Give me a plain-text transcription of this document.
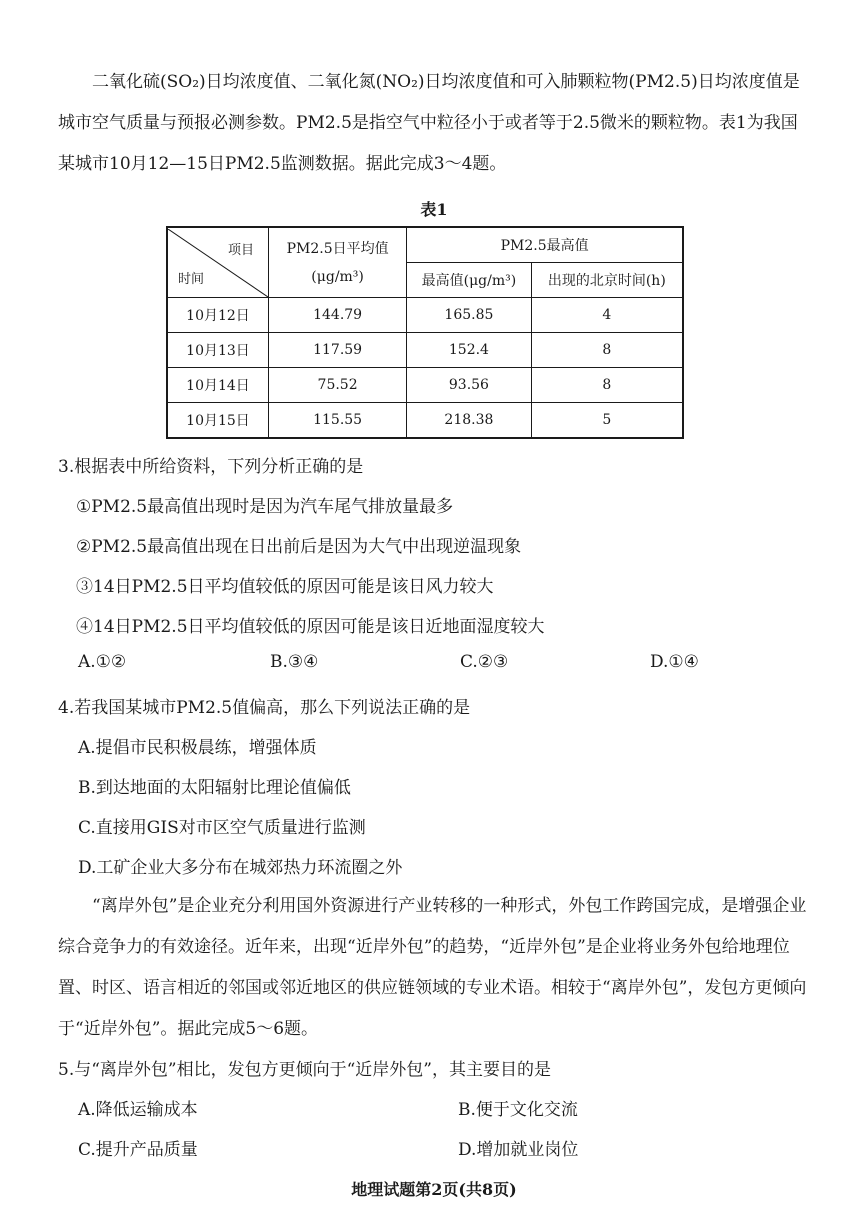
二氧化硫(SO₂)日均浓度值、二氧化氮(NO₂)日均浓度值和可入肺颗粒物(PM2.5)日均浓度值是城市空气质量与预报必测参数。PM2.5是指空气中粒径小于或者等于2.5微米的颗粒物。表1为我国某城市10月12—15日PM2.5监测数据。据此完成3～4题。

表1
项目
时间	PM2.5日平均值(μg/m³)	PM2.5最高值	
		最高值(μg/m³)	出现的北京时间(h)
10月12日	144.79	165.85	4
10月13日	117.59	152.4	8
10月14日	75.52	93.56	8
10月15日	115.55	218.38	5
3.根据表中所给资料，下列分析正确的是
①PM2.5最高值出现时是因为汽车尾气排放量最多
②PM2.5最高值出现在日出前后是因为大气中出现逆温现象
③14日PM2.5日平均值较低的原因可能是该日风力较大
④14日PM2.5日平均值较低的原因可能是该日近地面湿度较大
A.①②	B.③④	C.②③	D.①④
4.若我国某城市PM2.5值偏高，那么下列说法正确的是
A.提倡市民积极晨练，增强体质
B.到达地面的太阳辐射比理论值偏低
C.直接用GIS对市区空气质量进行监测
D.工矿企业大多分布在城郊热力环流圈之外

“离岸外包”是企业充分利用国外资源进行产业转移的一种形式，外包工作跨国完成，是增强企业综合竞争力的有效途径。近年来，出现“近岸外包”的趋势，“近岸外包”是企业将业务外包给地理位置、时区、语言相近的邻国或邻近地区的供应链领域的专业术语。相较于“离岸外包”，发包方更倾向于“近岸外包”。据此完成5～6题。

5.与“离岸外包”相比，发包方更倾向于“近岸外包”，其主要目的是
A.降低运输成本	B.便于文化交流
C.提升产品质量	D.增加就业岗位
地理试题第2页(共8页)
